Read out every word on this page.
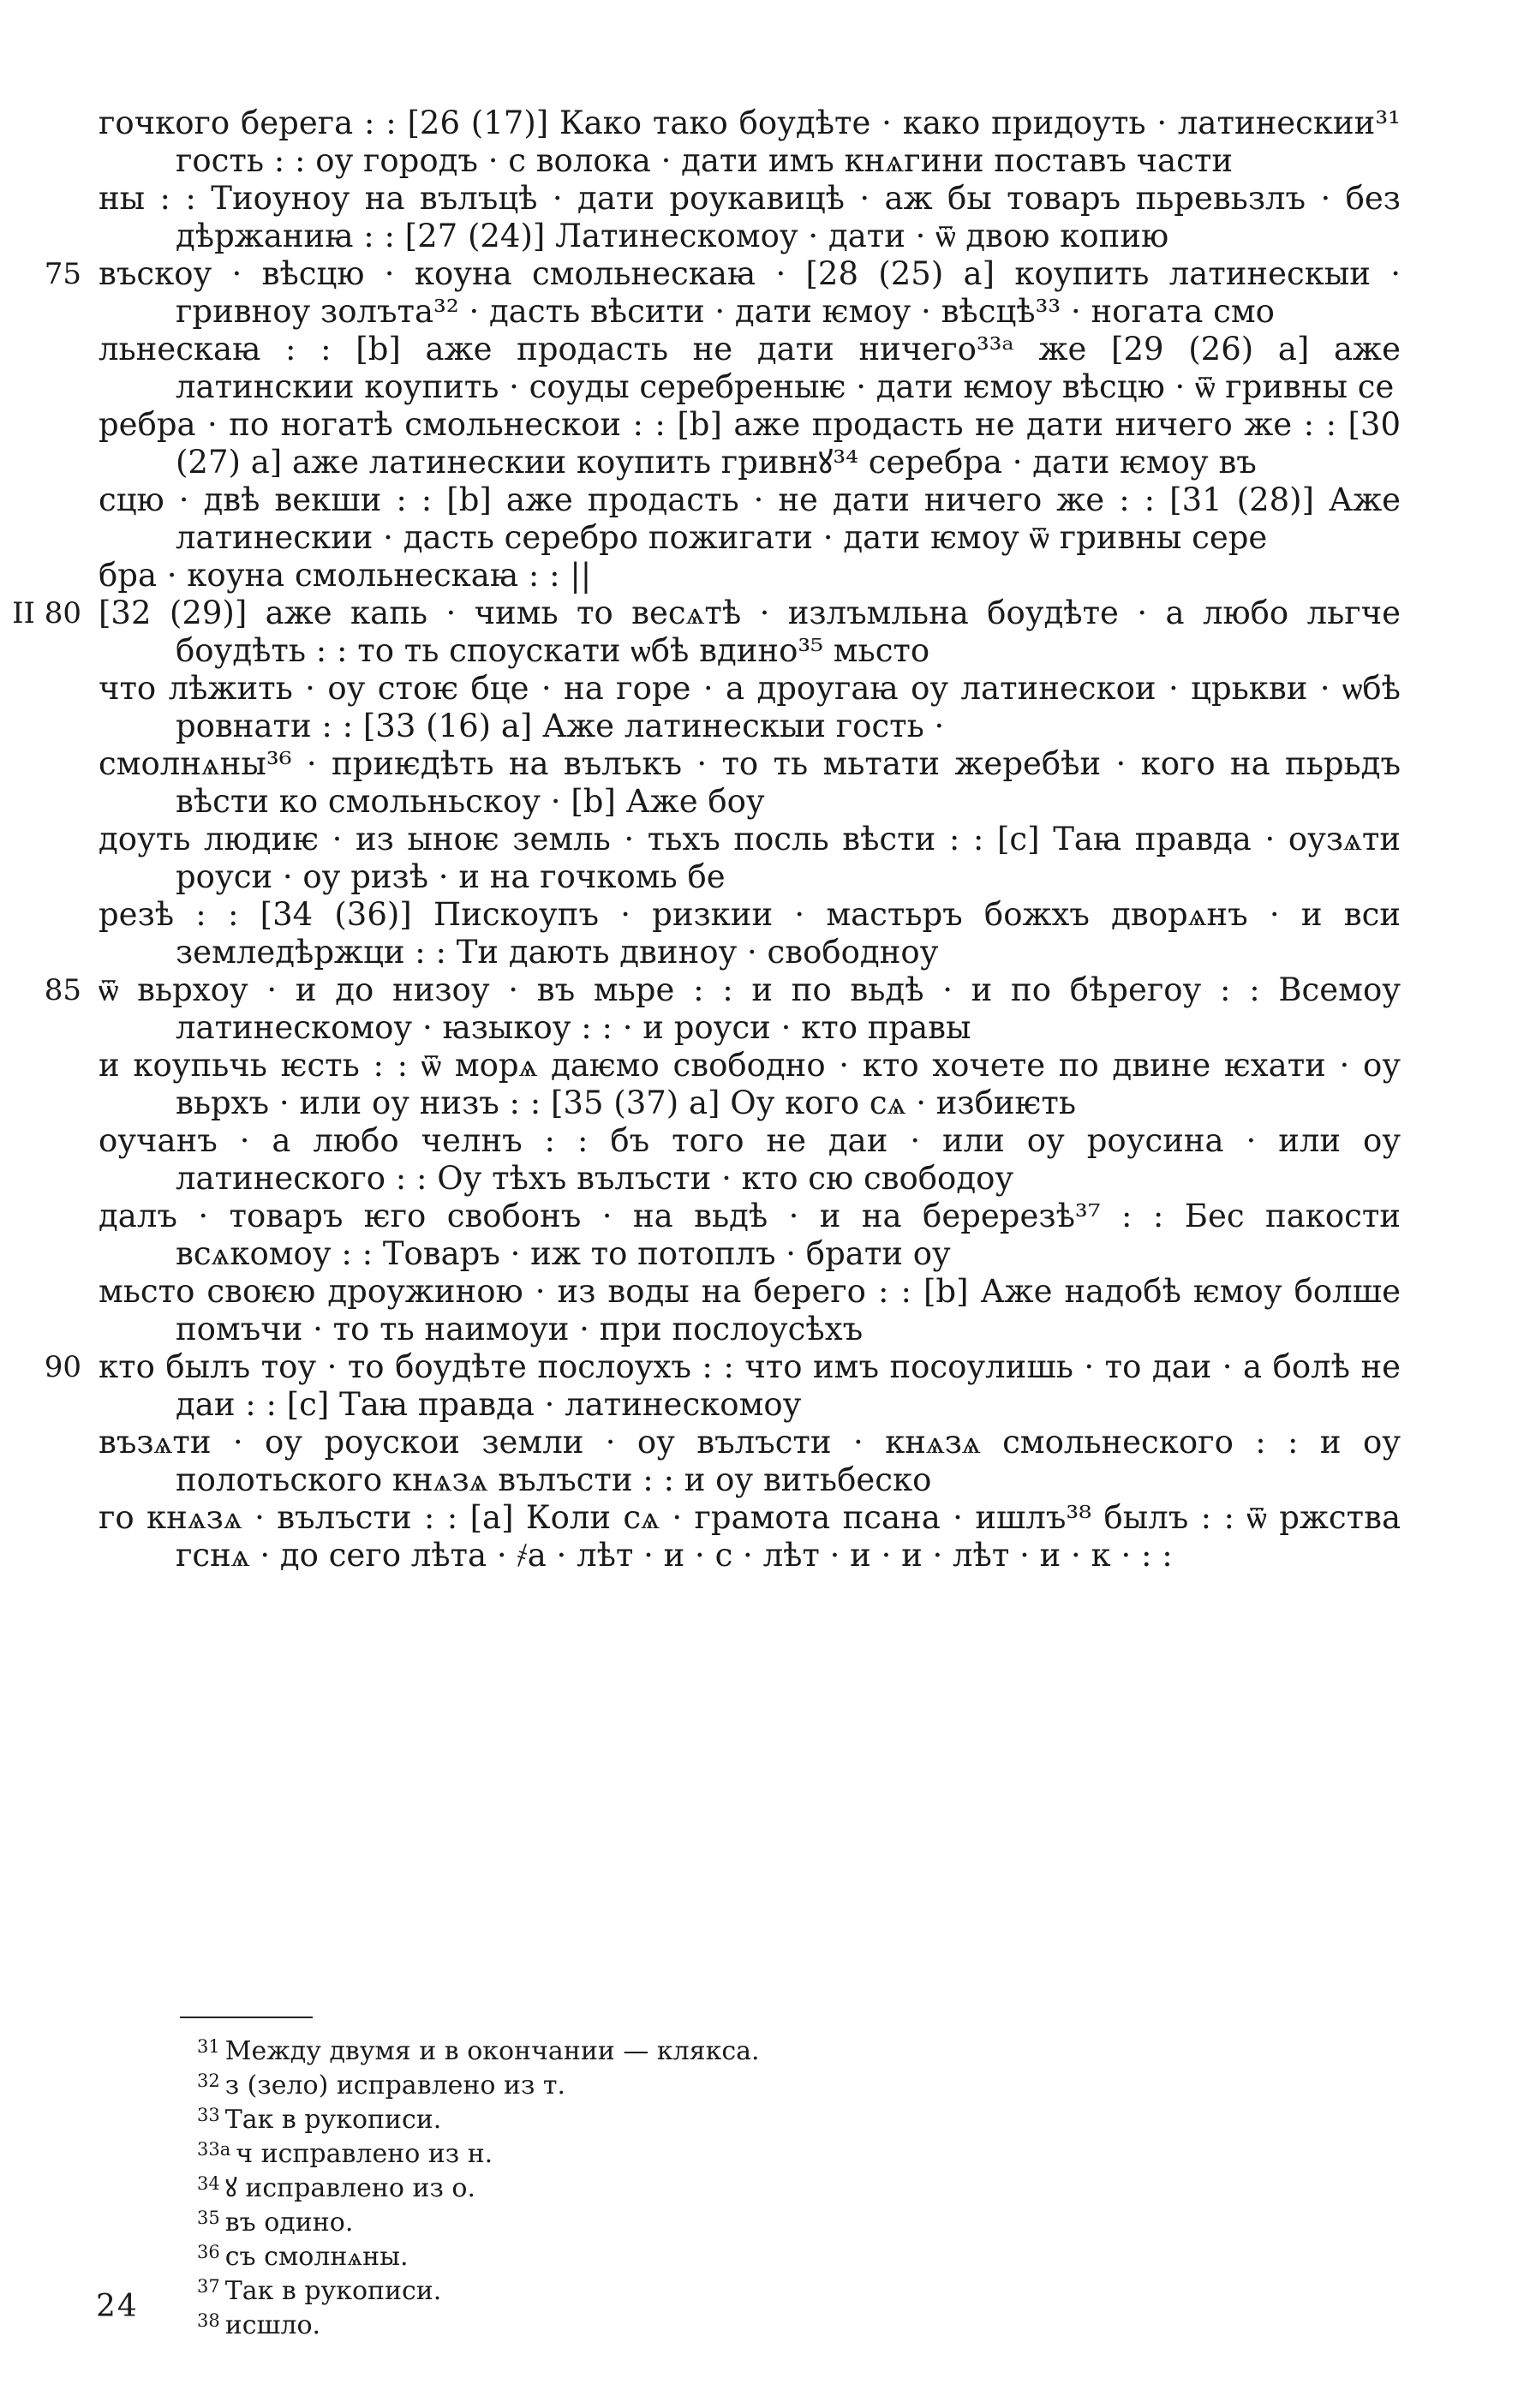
гочкого берега : : [26 (17)] Како тако боудѣте · како придоуть · латинескии³¹ гость : : оу городъ · с волока · дати имъ кнѧгини поставъ части

ны : : Тиоуноу на вълъцѣ · дати роукавицѣ · аж бы товаръ пьревьзлъ · без дѣржаниꙗ : : [27 (24)] Латинескомоу · дати · ѿ двою копию

75 въскоу · вѣсцю · коуна смольнескаꙗ · [28 (25) а] коупить латинескыи · гривноу золъта³² · дасть вѣсити · дати ѥмоу · вѣсцѣ³³ · ногата смо

льнескаꙗ : : [b] аже продасть не дати ничего³³ᵃ же [29 (26) а] аже латинскии коупить · соуды серебреныѥ · дати ѥмоу вѣсцю · ѿ гривны се

ребра · по ногатѣ смольнескои : : [b] аже продасть не дати ничего же : : [30 (27) а] аже латинескии коупить гривнꙋ³⁴ серебра · дати ѥмоу въ

сцю · двѣ векши : : [b] аже продасть · не дати ничего же : : [31 (28)] Аже латинескии · дасть серебро пожигати · дати ѥмоу ѿ гривны сере

бра · коуна смольнескаꙗ : : ||

II 80 [32 (29)] аже капь · чимь то весѧтѣ · излъмльна боудѣте · а любо льгче боудѣть : : то ть споускати ѡбѣ вдино³⁵ мьсто

что лѣжить · оу стоѥ бце · на горе · а дроугаꙗ оу латинескои · црькви · ѡбѣ ровнати : : [33 (16) а] Аже латинескыи гость ·

смолнѧны³⁶ · приѥдѣть на вълъкъ · то ть мьтати жеребѣи · кого на пьрьдъ вѣсти ко смольньскоу · [b] Аже боу

доуть людиѥ · из ыноѥ земль · тьхъ посль вѣсти : : [c] Таꙗ правда · оузѧти роуси · оу ризѣ · и на гочкомь бе

резѣ : : [34 (36)] Пискоупъ · ризкии · мастьръ божхъ дворѧнъ · и вси земледѣржци : : Ти дають двиноу · свободноу

85 ѿ вьрхоу · и до низоу · въ мьре : : и по вьдѣ · и по бѣрегоу : : Всемоу латинескомоу · ꙗзыкоу : : · и роуси · кто правы

и коупьчь ѥсть : : ѿ морѧ даѥмо свободно · кто хочете по двине ѥхати · оу вьрхъ · или оу низъ : : [35 (37) а] Оу кого сѧ · избиѥть

оучанъ · а любо челнъ : : бъ того не даи · или оу роусина · или оу латинеского : : Оу тѣхъ вълъсти · кто сю свободоу

далъ · товаръ ѥго свобонъ · на вьдѣ · и на беререзѣ³⁷ : : Бес пакости всѧкомоу : : Товаръ · иж то потоплъ · брати оу

мьсто своѥю дроужиною · из воды на берего : : [b] Аже надобѣ ѥмоу болше помъчи · то ть наимоуи · при послоусѣхъ

90 кто былъ тоу · то боудѣте послоухъ : : что имъ посоулишь · то даи · а болѣ не даи : : [c] Таꙗ правда · латинескомоу

възѧти · оу роускои земли · оу вълъсти · кнѧзѧ смольнеского : : и оу полотьского кнѧзѧ вълъсти : : и оу витьбеско

го кнѧзѧ · вълъсти : : [а] Коли сѧ · грамота псана · ишлъ³⁸ былъ : : ѿ ржства гснѧ · до сего лѣта · ҂а · лѣт · и · с · лѣт · и · и · лѣт · и · к · : :

$^{31}$ Между двумя и в окончании — клякса.
$^{32}$ з (зело) исправлено из т.
$^{33}$ Так в рукописи.
$^{33а}$ ч исправлено из н.
$^{34}$ ꙋ исправлено из о.
$^{35}$ въ одино.
$^{36}$ съ смолнѧны.
$^{37}$ Так в рукописи.
$^{38}$ исшло.
24
